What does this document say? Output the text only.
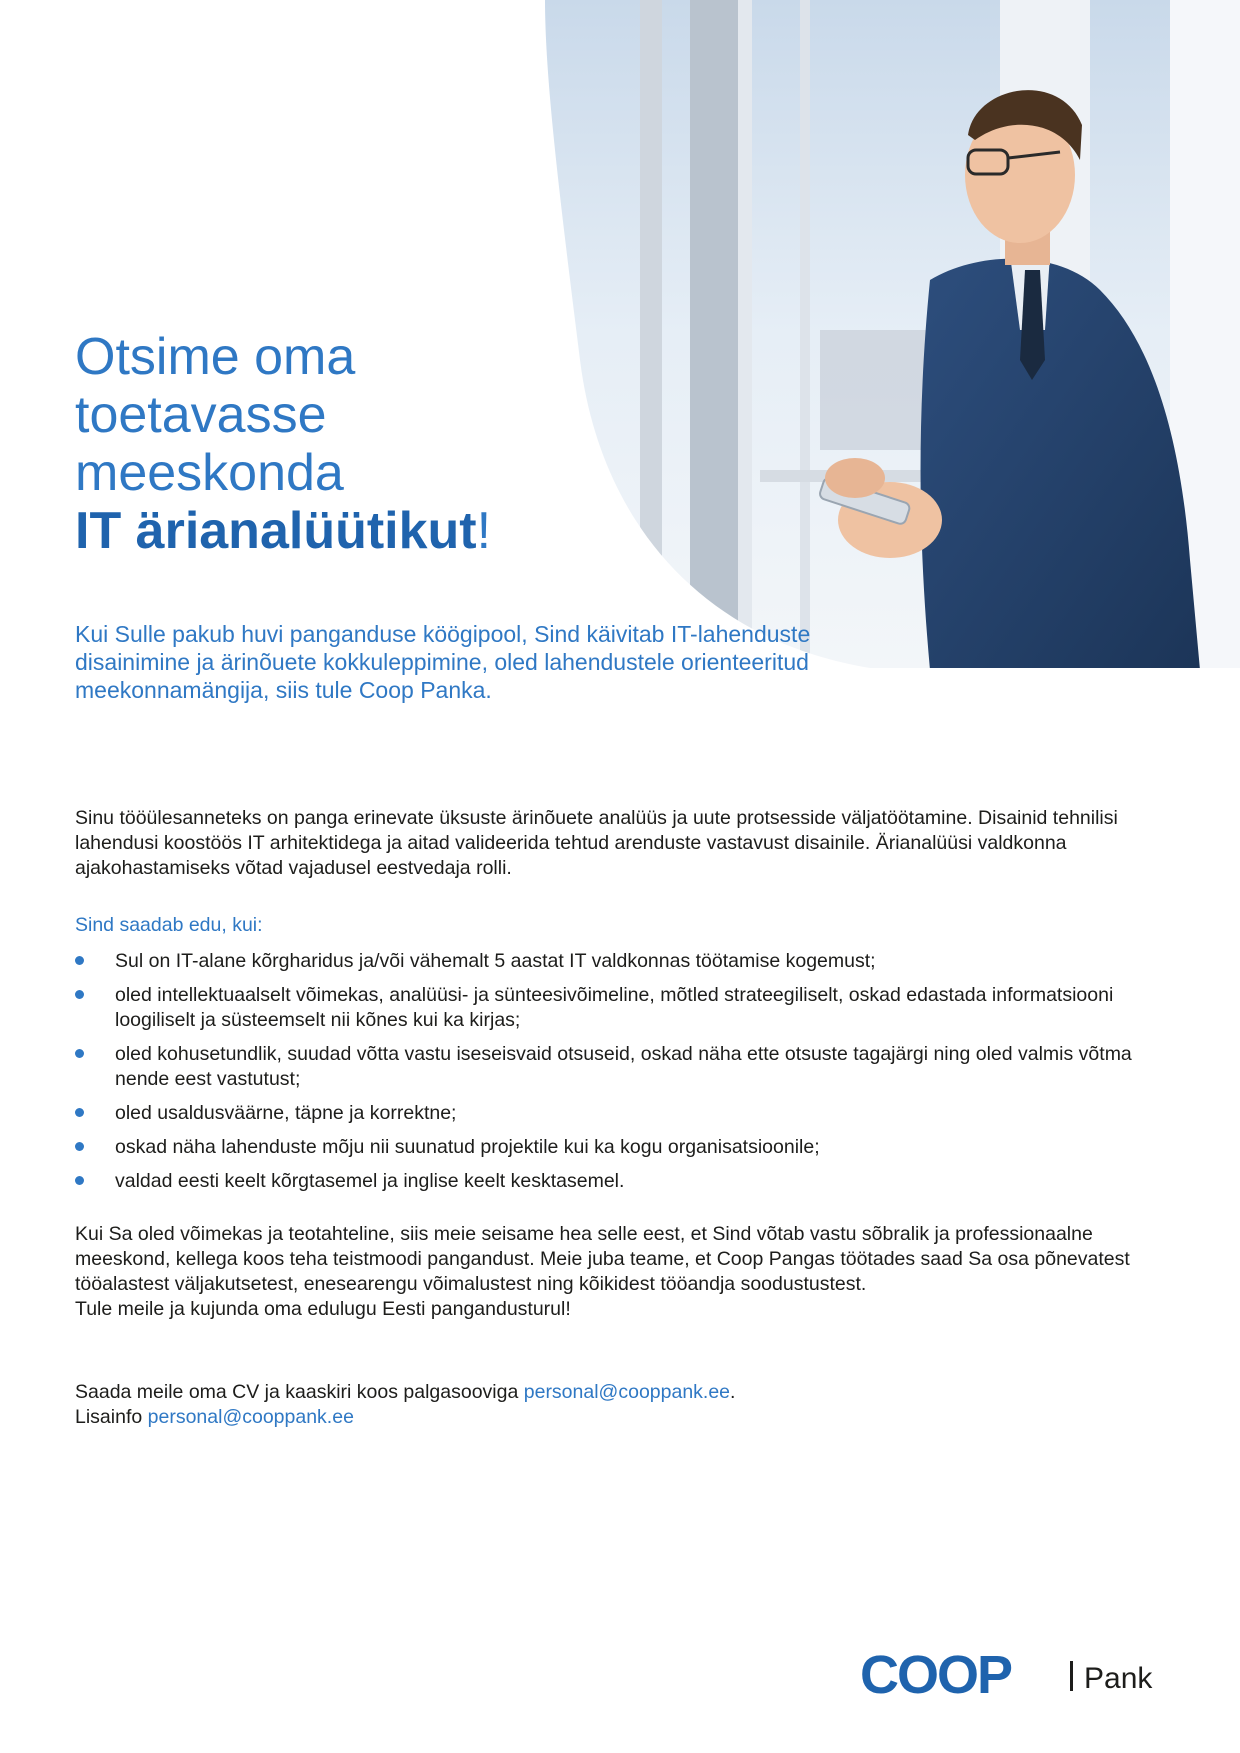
Otsime oma
toetavasse
meeskonda
IT ärianalüütikut!
Kui Sulle pakub huvi panganduse köögipool, Sind käivitab IT-lahenduste disainimine ja ärinõuete kokkuleppimine, oled lahendustele orienteeritud meekonnamängija, siis tule Coop Panka.
Sinu tööülesanneteks on panga erinevate üksuste ärinõuete analüüs ja uute protsesside väljatöötamine. Disainid tehnilisi lahendusi koostöös IT arhitektidega ja aitad valideerida tehtud arenduste vastavust disainile. Ärianalüüsi valdkonna ajakohastamiseks võtad vajadusel eestvedaja rolli.
Sind saadab edu, kui:
Sul on IT-alane kõrgharidus ja/või vähemalt 5 aastat IT valdkonnas töötamise kogemust;
oled intellektuaalselt võimekas, analüüsi- ja sünteesivõimeline, mõtled strateegiliselt, oskad edastada informatsiooni loogiliselt ja süsteemselt nii kõnes kui ka kirjas;
oled kohusetundlik, suudad võtta vastu iseseisvaid otsuseid, oskad näha ette otsuste tagajärgi ning oled valmis võtma nende eest vastutust;
oled usaldusväärne, täpne ja korrektne;
oskad näha lahenduste mõju nii suunatud projektile kui ka kogu organisatsioonile;
valdad eesti keelt kõrgtasemel ja inglise keelt kesktasemel.
Kui Sa oled võimekas ja teotahteline, siis meie seisame hea selle eest, et Sind võtab vastu sõbralik ja professionaalne meeskond, kellega koos teha teistmoodi pangandust. Meie juba teame, et Coop Pangas töötades saad Sa osa põnevatest tööalastest väljakutsetest, enesearengu võimalustest ning kõikidest tööandja soodustustest.
Tule meile ja kujunda oma edulugu Eesti pangandusturul!
Saada meile oma CV ja kaaskiri koos palgasooviga personal@cooppank.ee.
Lisainfo personal@cooppank.ee
COOP Pank
